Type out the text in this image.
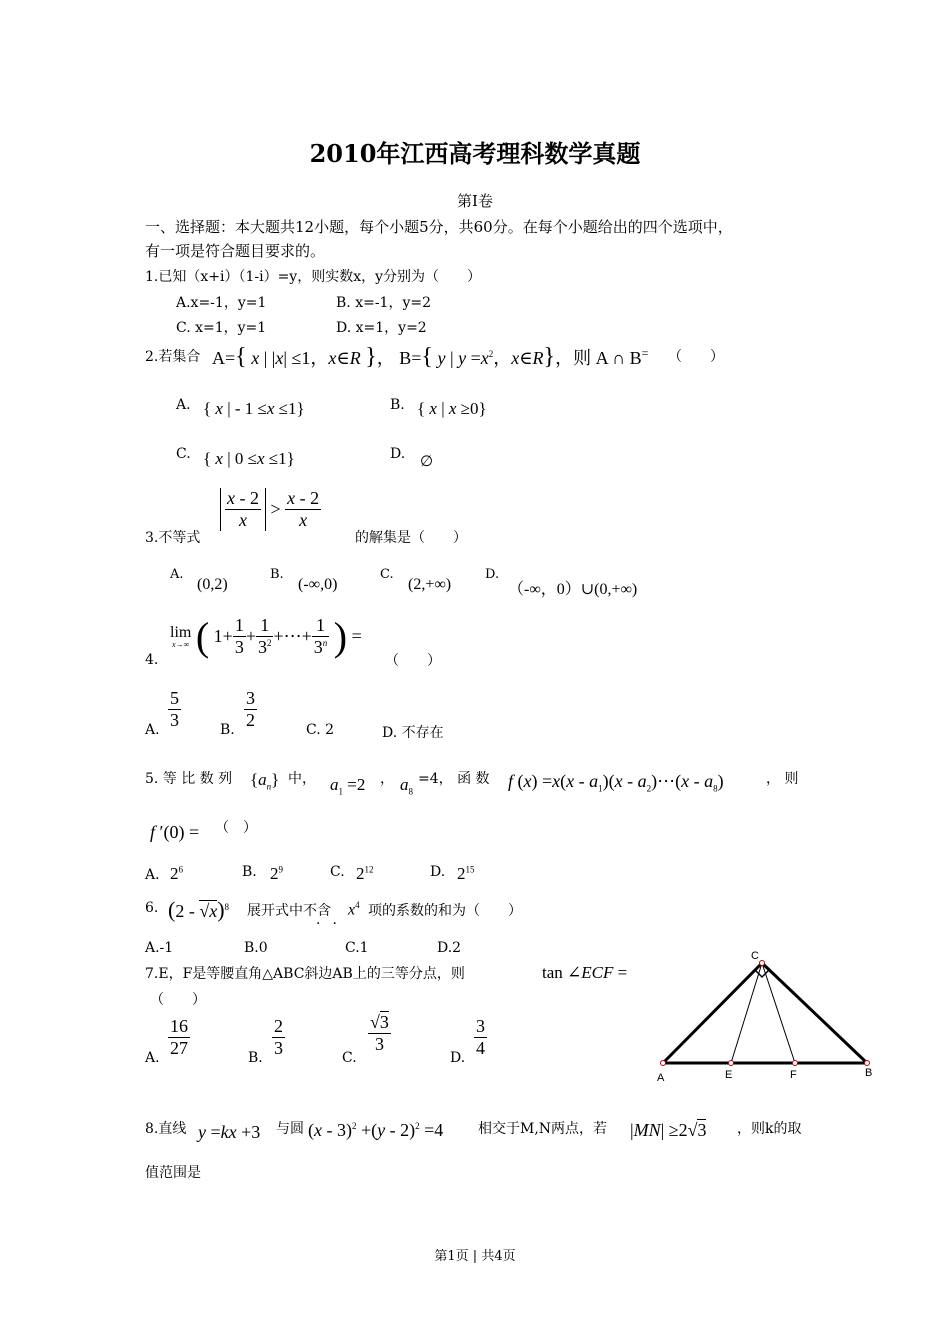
2010年江西高考理科数学真题
第Ⅰ卷
一、选择题：本大题共12小题，每个小题5分，共60分。在每个小题给出的四个选项中，
有一项是符合题目要求的。
1.已知（x+i）（1-i）=y，则实数x，y分别为（　　）
A.x=-1，y=1	B. x=-1，y=2
C. x=1，y=1	D. x=1，y=2
2.若集合 A={ x | |x| ≤1，x∈R }， B={ y | $y =x^2$，x∈R}，则 A ∩ B= （　　）
A. { x | - 1 ≤x ≤1}	B. { x | x ≥0}
C. { x | 0 ≤x ≤1}	D. ∅
3.不等式
$\frac{x - 2}{x} > \frac{x - 2}{x}$
的解集是（　　）
A.
(0,2)
B.
(-∞,0)
C.
(2,+∞)
D.
（-∞，0）∪(0,+∞)
4.
lim
x→∞ ( $1+ \frac{1}{3} + \frac{1}{3^2}$ +⋯+ $\frac{1}{3^n}$ ) =
（　　）
A. $\frac{5}{3}$	B. $\frac{3}{2}$	C. 2	D. 不存在
5. 等 比 数 列 $\{a_n\}$ 中， $a_1 =2$ ， $a_8$
=4， 函 数 f $(x) =x(x - a_1)(x$ - $a_2)\cdots(x - a_8)$	， 则
f ′(0) = （　）
A． $2^6$	B. $2^9$	C. $2^{12}$	D. $2^{15}$
6. (2 - √x)$^8$ 展开式中不含
··
$x^4$ 项的系数的和为（　　）
A.-1	B.0	C.1	D.2
7.E，F是等腰直角△ABC斜边AB上的三等分点，则	tan ∠ECF =
（　　）
A. $\frac{16}{27}$	B. $\frac{2}{3}$	C.
$\frac{√3}{3}$
D. $\frac{3}{4}$
C
A	E	F	B
8.直线 y =kx +3 与圆 (x - 3)$^2$ +(y - 2)$^2$ =4 相交于M,N两点，若 |MN| ≥2√3 ，则k的取
值范围是
第1页 | 共4页
